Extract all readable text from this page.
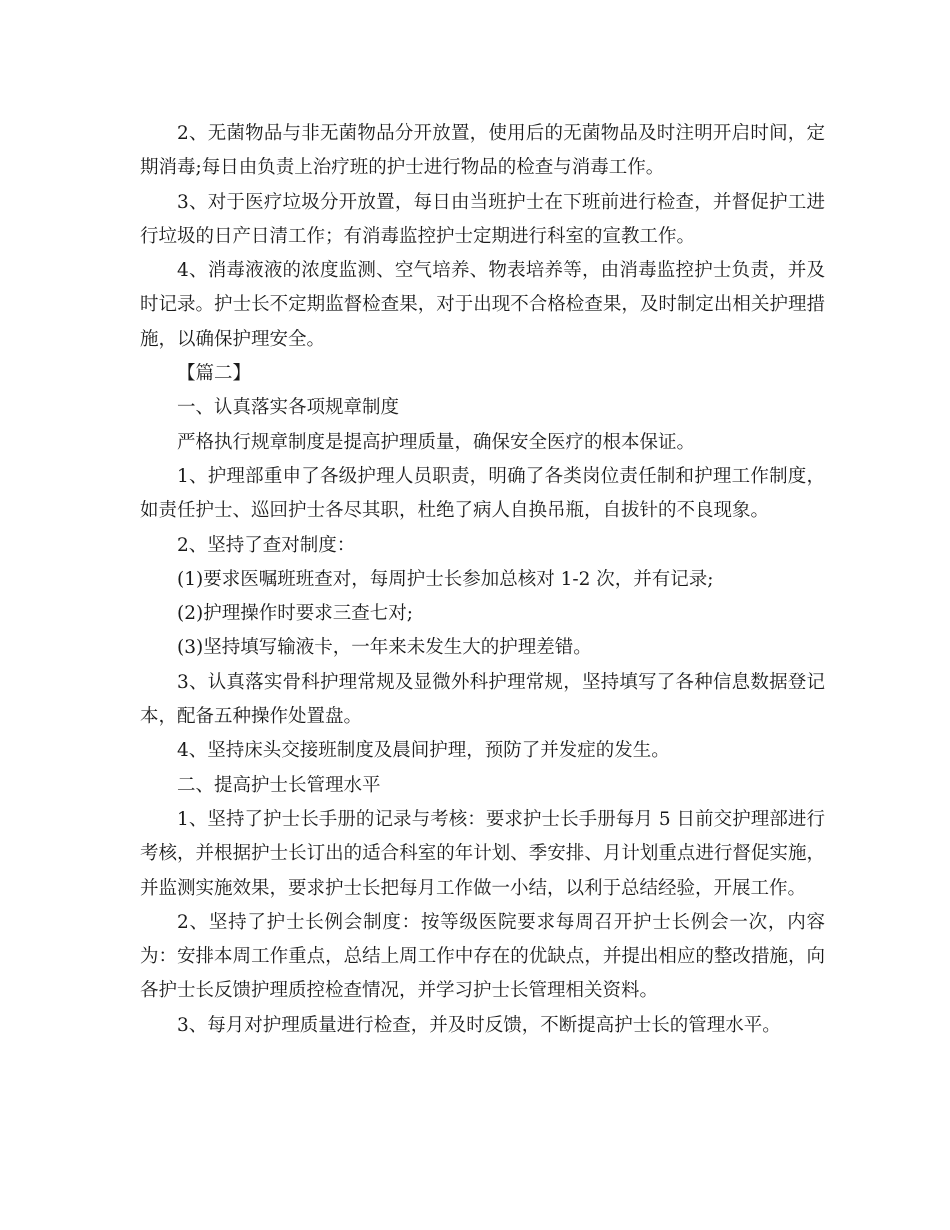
2、无菌物品与非无菌物品分开放置，使用后的无菌物品及时注明开启时间，定期消毒;每日由负责上治疗班的护士进行物品的检查与消毒工作。

3、对于医疗垃圾分开放置，每日由当班护士在下班前进行检查，并督促护工进行垃圾的日产日清工作；有消毒监控护士定期进行科室的宣教工作。

4、消毒液液的浓度监测、空气培养、物表培养等，由消毒监控护士负责，并及时记录。护士长不定期监督检查果，对于出现不合格检查果，及时制定出相关护理措施，以确保护理安全。

【篇二】

一、认真落实各项规章制度

严格执行规章制度是提高护理质量，确保安全医疗的根本保证。

1、护理部重申了各级护理人员职责，明确了各类岗位责任制和护理工作制度，如责任护士、巡回护士各尽其职，杜绝了病人自换吊瓶，自拔针的不良现象。

2、坚持了查对制度：

(1)要求医嘱班班查对，每周护士长参加总核对 1-2 次，并有记录;

(2)护理操作时要求三查七对;

(3)坚持填写输液卡，一年来未发生大的护理差错。

3、认真落实骨科护理常规及显微外科护理常规，坚持填写了各种信息数据登记本，配备五种操作处置盘。

4、坚持床头交接班制度及晨间护理，预防了并发症的发生。

二、提高护士长管理水平

1、坚持了护士长手册的记录与考核：要求护士长手册每月 5 日前交护理部进行考核，并根据护士长订出的适合科室的年计划、季安排、月计划重点进行督促实施，并监测实施效果，要求护士长把每月工作做一小结，以利于总结经验，开展工作。

2、坚持了护士长例会制度：按等级医院要求每周召开护士长例会一次，内容为：安排本周工作重点，总结上周工作中存在的优缺点，并提出相应的整改措施，向各护士长反馈护理质控检查情况，并学习护士长管理相关资料。

3、每月对护理质量进行检查，并及时反馈，不断提高护士长的管理水平。
